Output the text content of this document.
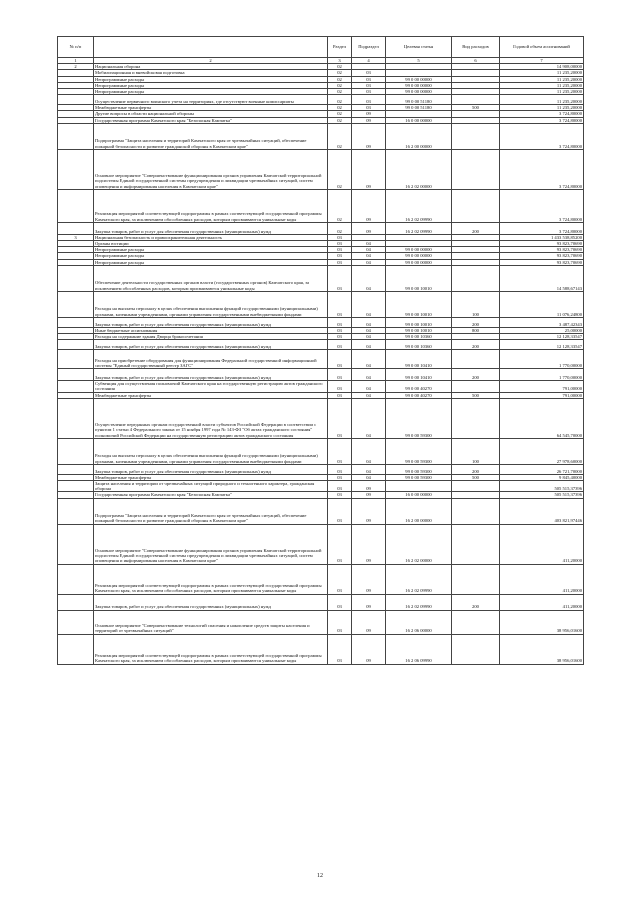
№ п/п		Раздел	Подраздел	Целевая статья	Вид расходов	Годовой объем ассигнований
1	2	3	4	5	6	7
2	Национальная оборона	02				14 908,00000
	Мобилизационная и вневойсковая подготовка	02	03			11 235,20000
	Непрограммные расходы	02	03	99 0 00 00000		11 235,20000
	Непрограммные расходы	02	03	99 0 00 00000		11 235,20000
	Непрограммные расходы	02	03	99 0 00 00000		11 235,20000
	Осуществление первичного воинского учета на территориях, где отсутствуют военные комиссариаты	02	03	99 0 00 51180		11 235,20000
	Межбюджетные трансферты	02	03	99 0 00 51180	500	11 235,20000
	Другие вопросы в области национальной обороны	02	09			3 724,80000
	Государственная программа Камчатского края "Безопасная Камчатка"	02	09	16 0 00 00000		3 724,80000
	Подпрограмма "Защита населения и территорий Камчатского края от чрезвычайных ситуаций, обеспечение пожарной безопасности и развитие гражданской обороны в Камчатском крае"	02	09	16 2 00 00000		3 724,80000
	Основное мероприятие "Совершенствование функционирования органов управления Камчатской территориальной подсистемы Единой государственной системы предупреждения и ликвидации чрезвычайных ситуаций, систем оповещения и информирования населения в Камчатском крае"	02	09	16 2 02 00000		3 724,80000
	Реализация мероприятий соответствующей подпрограммы в рамках соответствующей государственной программы Камчатского края, за исключением обособленных расходов, которым присваиваются уникальные коды	02	09	16 2 02 09990		3 724,80000
	Закупка товаров, работ и услуг для обеспечения государственных (муниципальных) нужд	02	09	16 2 02 09990	200	3 724,80000
3	Национальная безопасность и правоохранительная деятельность	03				1 433 538,85200
	Органы юстиции	03	04			93 823,70690
	Непрограммные расходы	03	04	99 0 00 00000		93 823,70690
	Непрограммные расходы	03	04	99 0 00 00000		93 823,70690
	Непрограммные расходы	03	04	99 0 00 00000		93 823,70690
	Обеспечение деятельности государственных органов власти (государственных органов) Камчатского края, за исключением обособленных расходов, которым присваиваются уникальные коды	03	04	99 0 00 10010		14 588,67143
	Расходы на выплаты персоналу в целях обеспечения выполнения функций государственными (муниципальными) органами, казенными учреждениями, органами управления государственными внебюджетными фондами	03	04	99 0 00 10010	100	11 076,24800
	Закупка товаров, работ и услуг для обеспечения государственных (муниципальных) нужд	03	04	99 0 00 10010	200	3 487,42343
	Иные бюджетные ассигнования	03	04	99 0 00 10010	800	25,00000
	Расходы на содержание здания Дворца бракосочетания	03	04	99 0 00 10360		12 128,33547
	Закупка товаров, работ и услуг для обеспечения государственных (муниципальных) нужд	03	04	99 0 00 10360	200	12 128,33547
	Расходы на приобретение оборудования для функционирования Федеральной государственной информационной системы "Единый государственный реестр ЗАГС"	03	04	99 0 00 10410		1 770,00000
	Закупка товаров, работ и услуг для обеспечения государственных (муниципальных) нужд	03	04	99 0 00 10410	200	1 770,00000
	Субвенция для осуществления полномочий Камчатского края на государственную регистрацию актов гражданского состояния	03	04	99 0 00 40270		791,00000
	Межбюджетные трансферты	03	04	99 0 00 40270	500	791,00000
	Осуществление переданных органам государственной власти субъектов Российской Федерации в соответствии с пунктом 1 статьи 4 Федерального закона от 15 ноября 1997 года № 143-ФЗ "Об актах гражданского состояния" полномочий Российской Федерации на государственную регистрацию актов гражданского состояния	03	04	99 0 00 59300		64 545,70000
	Расходы на выплаты персоналу в целях обеспечения выполнения функций государственными (муниципальными) органами, казенными учреждениями, органами управления государственными внебюджетными фондами	03	04	99 0 00 59300	100	27 978,60000
	Закупка товаров, работ и услуг для обеспечения государственных (муниципальных) нужд	03	04	99 0 00 59300	200	26 721,70000
	Межбюджетные трансферты	03	04	99 0 00 59300	500	9 845,40000
	Защита населения и территории от чрезвычайных ситуаций природного и техногенного характера, гражданская оборона	03	09			505 515,37396
	Государственная программа Камчатского края "Безопасная Камчатка"	03	09	16 0 00 00000		505 515,37396
	Подпрограмма "Защита населения и территорий Камчатского края от чрезвычайных ситуаций, обеспечение пожарной безопасности и развитие гражданской обороны в Камчатском крае"	03	09	16 2 00 00000		403 821,97446
	Основное мероприятие "Совершенствование функционирования органов управления Камчатской территориальной подсистемы Единой государственной системы предупреждения и ликвидации чрезвычайных ситуаций, систем оповещения и информирования населения в Камчатском крае"	03	09	16 2 02 00000		411,20000
	Реализация мероприятий соответствующей подпрограммы в рамках соответствующей государственной программы Камчатского края, за исключением обособленных расходов, которым присваиваются уникальные коды	03	09	16 2 02 09990		411,20000
	Закупка товаров, работ и услуг для обеспечения государственных (муниципальных) нужд	03	09	16 2 02 09990	200	411,20000
	Основное мероприятие "Совершенствование технологий спасения и накопление средств защиты населения и территорий от чрезвычайных ситуаций"	03	09	16 2 06 00000		38 956,01600
	Реализация мероприятий соответствующей подпрограммы в рамках соответствующей государственной программы Камчатского края, за исключением обособленных расходов, которым присваиваются уникальные коды	03	09	16 2 06 09990		38 956,01600
12
